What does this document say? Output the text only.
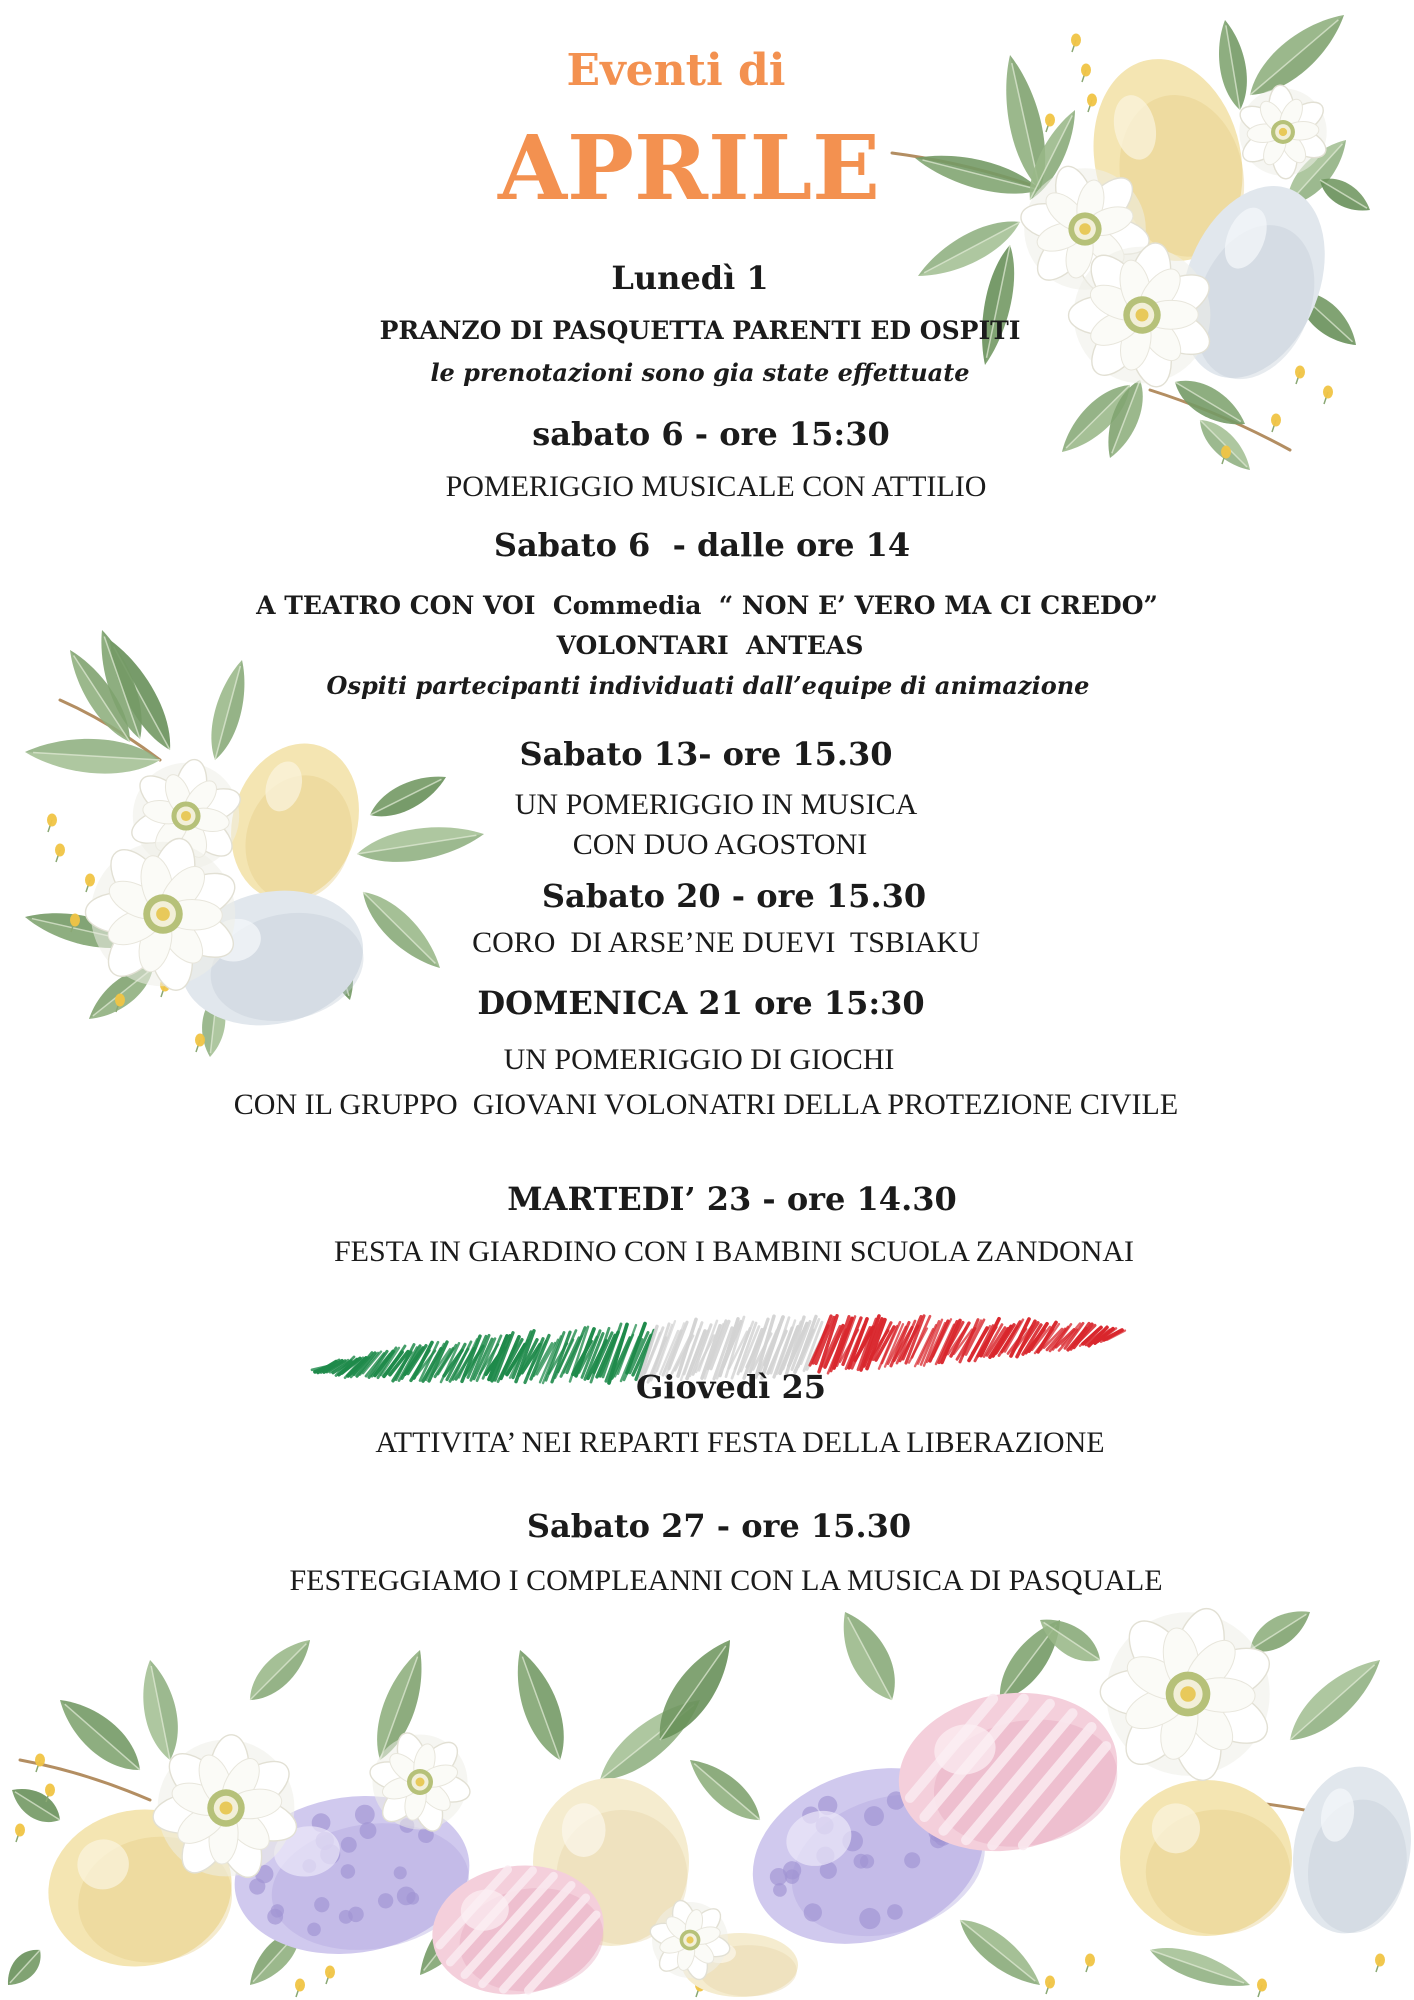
Eventi di
APRILE
Lunedì 1
PRANZO DI PASQUETTA PARENTI ED OSPITI
le prenotazioni sono gia state effettuate
sabato 6 - ore 15:30
POMERIGGIO MUSICALE CON ATTILIO
Sabato 6  - dalle ore 14
A TEATRO CON VOI  Commedia  “ NON E’ VERO MA CI CREDO”
VOLONTARI  ANTEAS
Ospiti partecipanti individuati dall’equipe di animazione
Sabato 13- ore 15.30
UN POMERIGGIO IN MUSICA
CON DUO AGOSTONI
Sabato 20 - ore 15.30
CORO  DI ARSE’NE DUEVI  TSBIAKU
DOMENICA 21 ore 15:30
UN POMERIGGIO DI GIOCHI
CON IL GRUPPO  GIOVANI VOLONATRI DELLA PROTEZIONE CIVILE
MARTEDI’ 23 - ore 14.30
FESTA IN GIARDINO CON I BAMBINI SCUOLA ZANDONAI
Giovedì 25
ATTIVITA’ NEI REPARTI FESTA DELLA LIBERAZIONE
Sabato 27 - ore 15.30
FESTEGGIAMO I COMPLEANNI CON LA MUSICA DI PASQUALE
